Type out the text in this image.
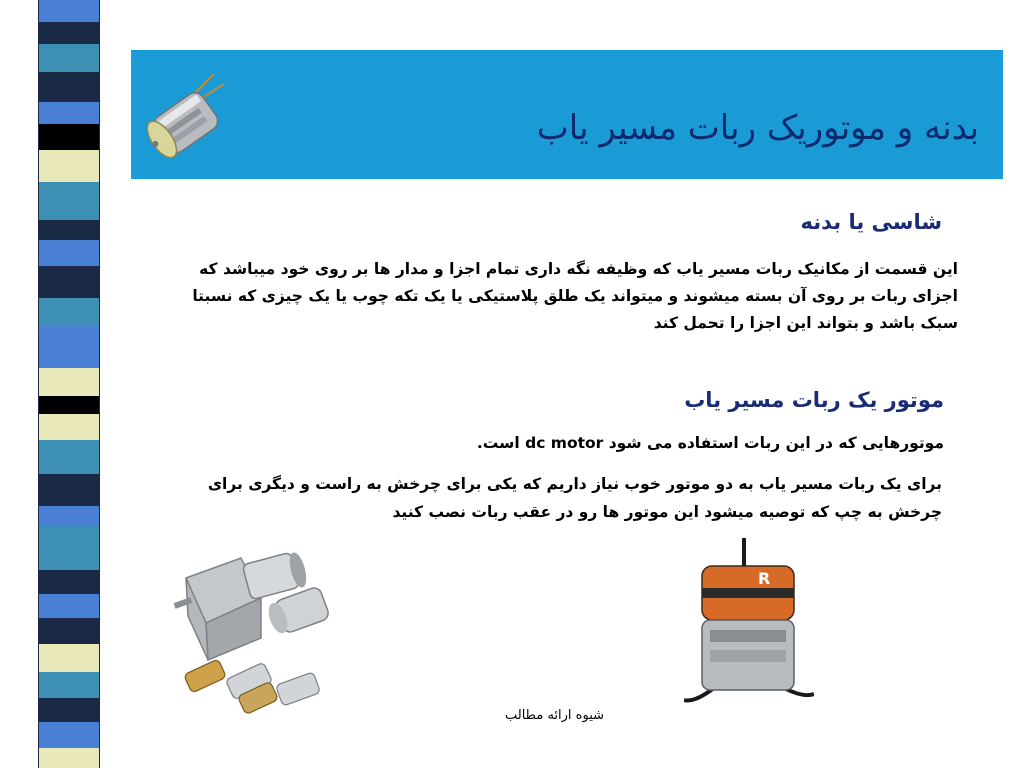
بدنه و موتوریک ربات مسیر یاب
شاسی یا بدنه
این قسمت از مکانیک ربات مسیر یاب که وظیفه نگه داری تمام اجزا و مدار ها بر روی خود میباشد که اجزای ربات بر روی آن بسته میشوند و میتواند یک طلق پلاستیکی یا یک تکه چوب یا یک چیزی که نسبتا سبک باشد و بتواند این اجزا را تحمل کند
موتور یک ربات مسیر یاب
موتورهایی که در این ربات استفاده می شود dc motor است.
برای یک ربات مسیر یاب به دو موتور خوب نیاز داریم که یکی برای چرخش به راست و دیگری برای چرخش به چپ که توصیه میشود این موتور ها رو در عقب ربات نصب کنید
R
شیوه ارائه مطالب
